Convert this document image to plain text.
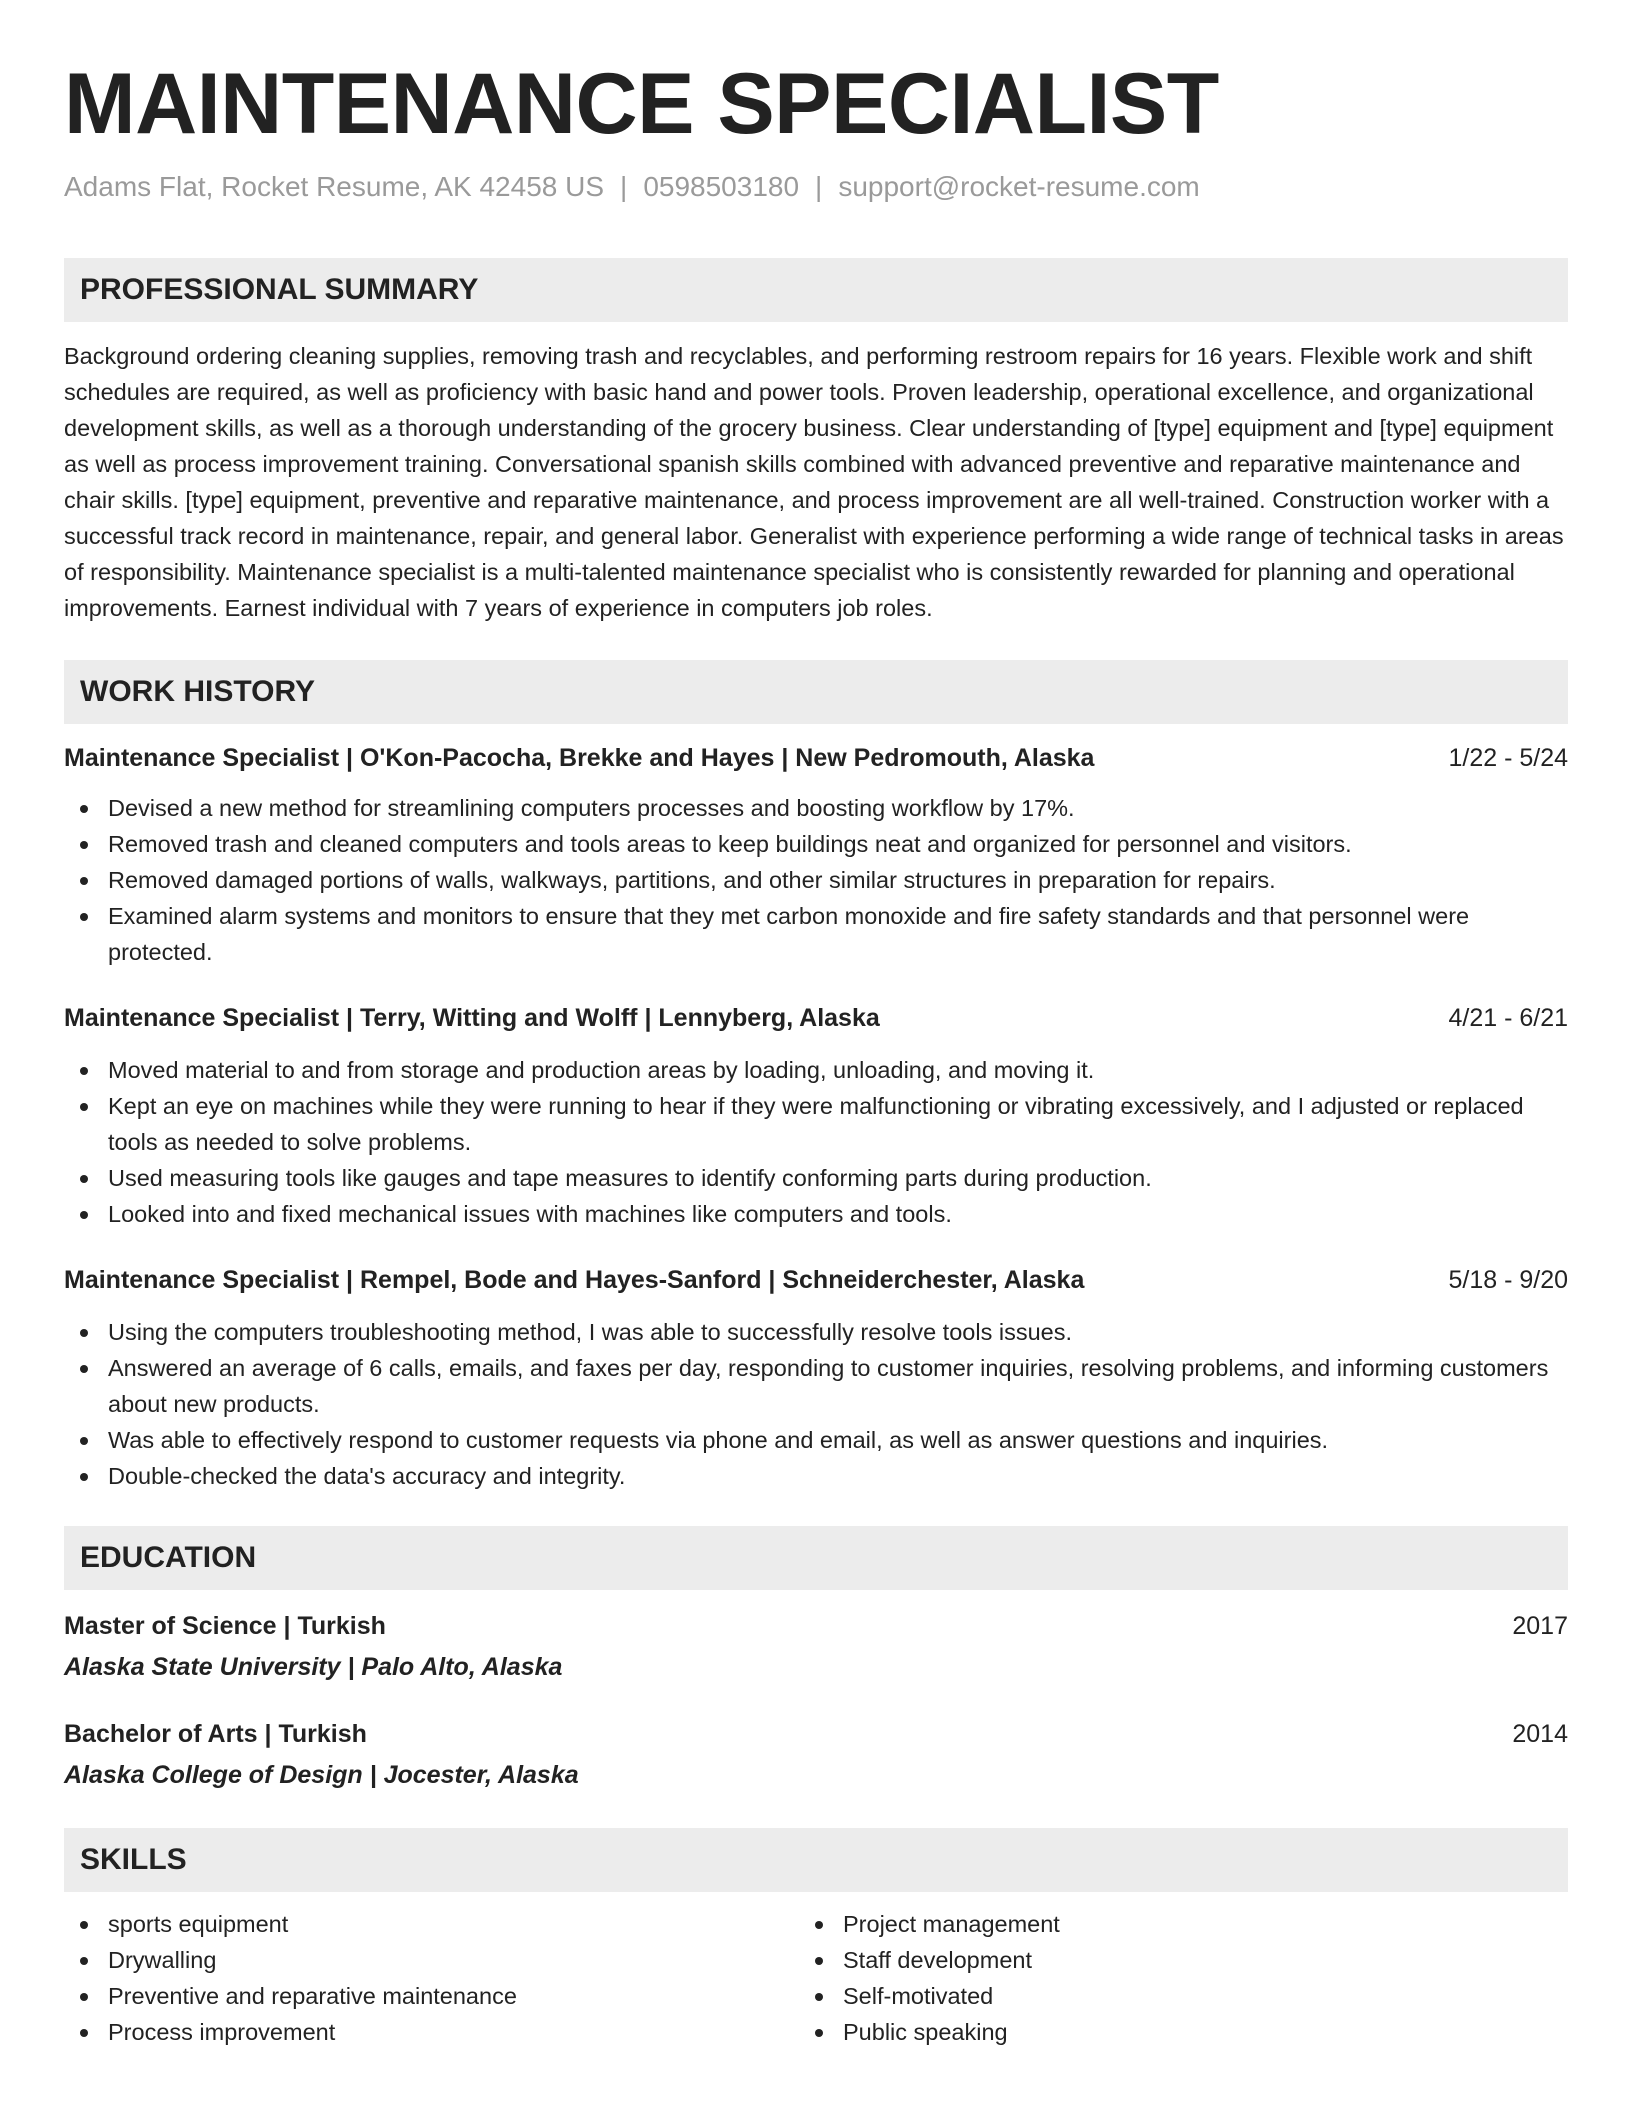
MAINTENANCE SPECIALIST
Adams Flat, Rocket Resume, AK 42458 US | 0598503180 | support@rocket-resume.com
PROFESSIONAL SUMMARY
Background ordering cleaning supplies, removing trash and recyclables, and performing restroom repairs for 16 years. Flexible work and shift schedules are required, as well as proficiency with basic hand and power tools. Proven leadership, operational excellence, and organizational development skills, as well as a thorough understanding of the grocery business. Clear understanding of [type] equipment and [type] equipment as well as process improvement training. Conversational spanish skills combined with advanced preventive and reparative maintenance and chair skills. [type] equipment, preventive and reparative maintenance, and process improvement are all well-trained. Construction worker with a successful track record in maintenance, repair, and general labor. Generalist with experience performing a wide range of technical tasks in areas of responsibility. Maintenance specialist is a multi-talented maintenance specialist who is consistently rewarded for planning and operational improvements. Earnest individual with 7 years of experience in computers job roles.
WORK HISTORY
Maintenance Specialist | O'Kon-Pacocha, Brekke and Hayes | New Pedromouth, Alaska	1/22 - 5/24
Devised a new method for streamlining computers processes and boosting workflow by 17%.
Removed trash and cleaned computers and tools areas to keep buildings neat and organized for personnel and visitors.
Removed damaged portions of walls, walkways, partitions, and other similar structures in preparation for repairs.
Examined alarm systems and monitors to ensure that they met carbon monoxide and fire safety standards and that personnel were protected.
Maintenance Specialist | Terry, Witting and Wolff | Lennyberg, Alaska	4/21 - 6/21
Moved material to and from storage and production areas by loading, unloading, and moving it.
Kept an eye on machines while they were running to hear if they were malfunctioning or vibrating excessively, and I adjusted or replaced tools as needed to solve problems.
Used measuring tools like gauges and tape measures to identify conforming parts during production.
Looked into and fixed mechanical issues with machines like computers and tools.
Maintenance Specialist | Rempel, Bode and Hayes-Sanford | Schneiderchester, Alaska	5/18 - 9/20
Using the computers troubleshooting method, I was able to successfully resolve tools issues.
Answered an average of 6 calls, emails, and faxes per day, responding to customer inquiries, resolving problems, and informing customers about new products.
Was able to effectively respond to customer requests via phone and email, as well as answer questions and inquiries.
Double-checked the data's accuracy and integrity.
EDUCATION
Master of Science | Turkish	2017
Alaska State University | Palo Alto, Alaska
Bachelor of Arts | Turkish	2014
Alaska College of Design | Jocester, Alaska
SKILLS
sports equipment
Drywalling
Preventive and reparative maintenance
Process improvement
Project management
Staff development
Self-motivated
Public speaking
